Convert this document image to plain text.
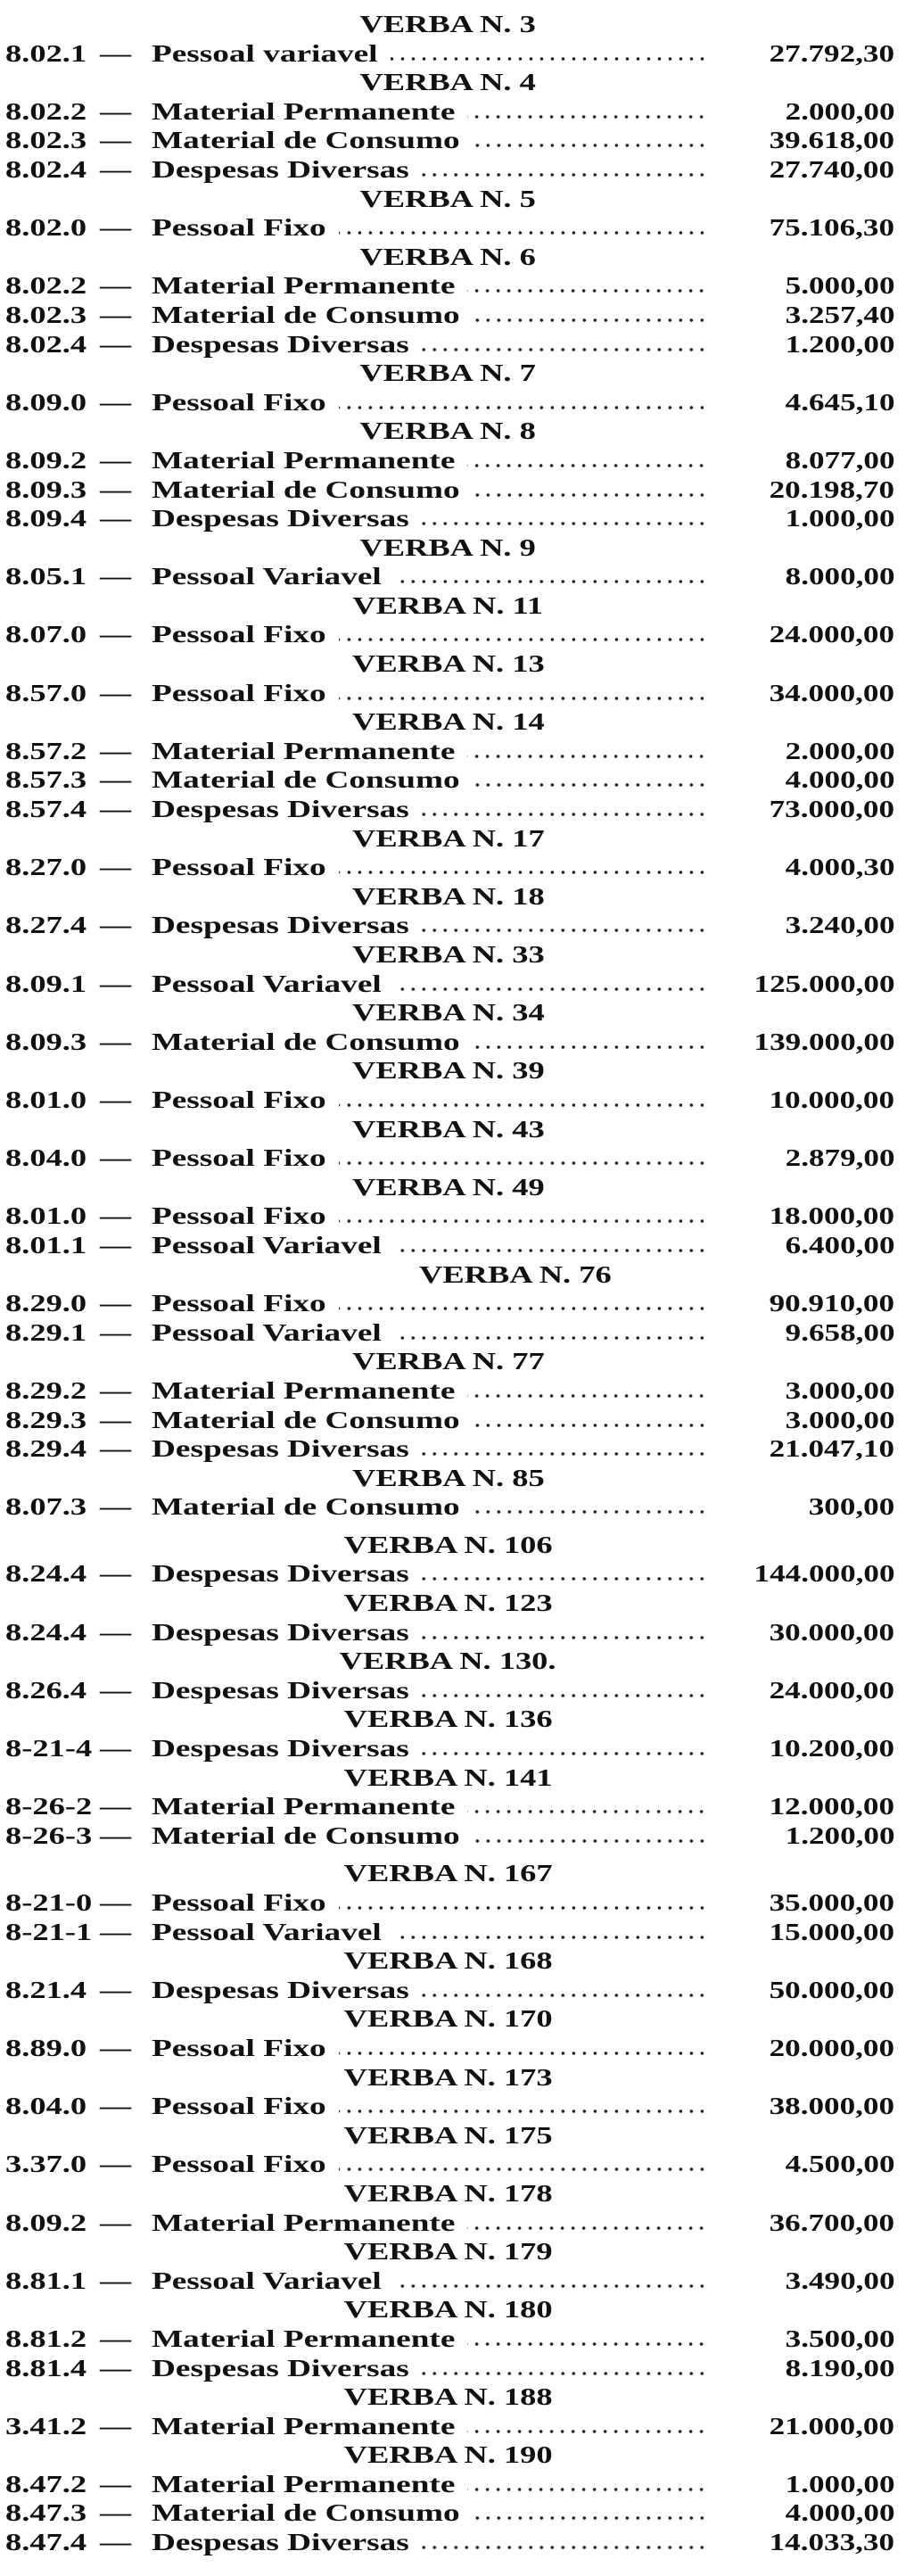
VERBA N. 3
8.02.1 — Pessoal variavel	27.792,30
VERBA N. 4
8.02.2 — Material Permanente	2.000,00
8.02.3 — Material de Consumo	39.618,00
8.02.4 — Despesas Diversas	27.740,00
VERBA N. 5
8.02.0 — Pessoal Fixo	75.106,30
VERBA N. 6
8.02.2 — Material Permanente	5.000,00
8.02.3 — Material de Consumo	3.257,40
8.02.4 — Despesas Diversas	1.200,00
VERBA N. 7
8.09.0 — Pessoal Fixo	4.645,10
VERBA N. 8
8.09.2 — Material Permanente	8.077,00
8.09.3 — Material de Consumo	20.198,70
8.09.4 — Despesas Diversas	1.000,00
VERBA N. 9
8.05.1 — Pessoal Variavel	8.000,00
VERBA N. 11
8.07.0 — Pessoal Fixo	24.000,00
VERBA N. 13
8.57.0 — Pessoal Fixo	34.000,00
VERBA N. 14
8.57.2 — Material Permanente	2.000,00
8.57.3 — Material de Consumo	4.000,00
8.57.4 — Despesas Diversas	73.000,00
VERBA N. 17
8.27.0 — Pessoal Fixo	4.000,30
VERBA N. 18
8.27.4 — Despesas Diversas	3.240,00
VERBA N. 33
8.09.1 — Pessoal Variavel	125.000,00
VERBA N. 34
8.09.3 — Material de Consumo	139.000,00
VERBA N. 39
8.01.0 — Pessoal Fixo	10.000,00
VERBA N. 43
8.04.0 — Pessoal Fixo	2.879,00
VERBA N. 49
8.01.0 — Pessoal Fixo	18.000,00
8.01.1 — Pessoal Variavel	6.400,00
VERBA N. 76
8.29.0 — Pessoal Fixo	90.910,00
8.29.1 — Pessoal Variavel	9.658,00
VERBA N. 77
8.29.2 — Material Permanente	3.000,00
8.29.3 — Material de Consumo	3.000,00
8.29.4 — Despesas Diversas	21.047,10
VERBA N. 85
8.07.3 — Material de Consumo	300,00
VERBA N. 106
8.24.4 — Despesas Diversas	144.000,00
VERBA N. 123
8.24.4 — Despesas Diversas	30.000,00
VERBA N. 130.
8.26.4 — Despesas Diversas	24.000,00
VERBA N. 136
8-21-4 — Despesas Diversas	10.200,00
VERBA N. 141
8-26-2 — Material Permanente	12.000,00
8-26-3 — Material de Consumo	1.200,00
VERBA N. 167
8-21-0 — Pessoal Fixo	35.000,00
8-21-1 — Pessoal Variavel	15.000,00
VERBA N. 168
8.21.4 — Despesas Diversas	50.000,00
VERBA N. 170
8.89.0 — Pessoal Fixo	20.000,00
VERBA N. 173
8.04.0 — Pessoal Fixo	38.000,00
VERBA N. 175
3.37.0 — Pessoal Fixo	4.500,00
VERBA N. 178
8.09.2 — Material Permanente	36.700,00
VERBA N. 179
8.81.1 — Pessoal Variavel	3.490,00
VERBA N. 180
8.81.2 — Material Permanente	3.500,00
8.81.4 — Despesas Diversas	8.190,00
VERBA N. 188
3.41.2 — Material Permanente	21.000,00
VERBA N. 190
8.47.2 — Material Permanente	1.000,00
8.47.3 — Material de Consumo	4.000,00
8.47.4 — Despesas Diversas	14.033,30
